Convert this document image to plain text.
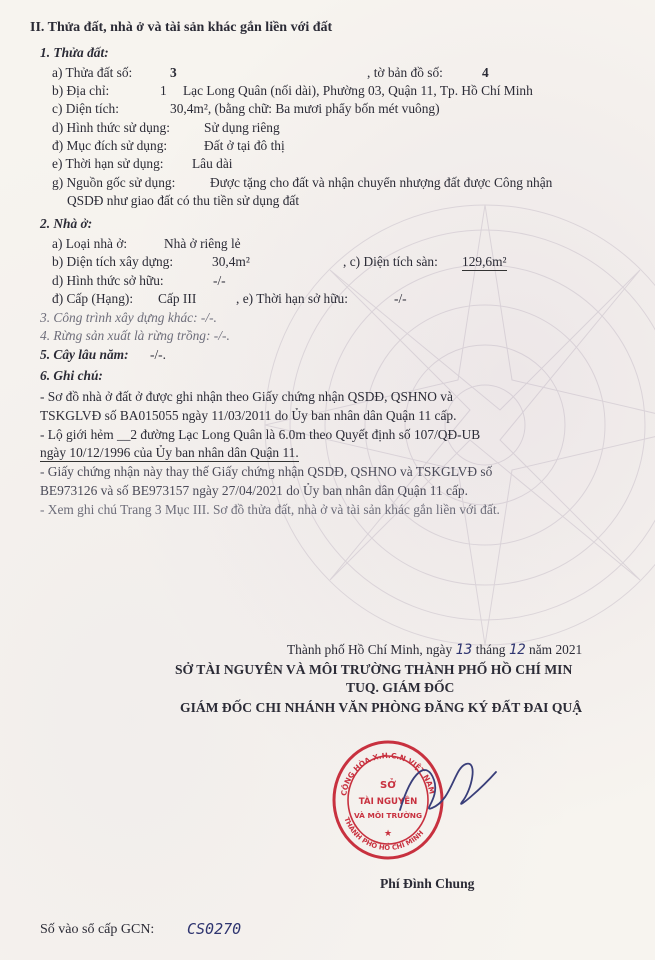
II. Thửa đất, nhà ở và tài sản khác gắn liền với đất
1. Thửa đất:
a) Thửa đất số:	3	, tờ bản đồ số:	4
b) Địa chỉ:	1 Lạc Long Quân (nối dài), Phường 03, Quận 11, Tp. Hồ Chí Minh
c) Diện tích:	30,4m², (bằng chữ: Ba mươi phẩy bốn mét vuông)
d) Hình thức sử dụng:	Sử dụng riêng
đ) Mục đích sử dụng:	Đất ở tại đô thị
e) Thời hạn sử dụng: Lâu dài
g) Nguồn gốc sử dụng:	Được tặng cho đất và nhận chuyển nhượng đất được Công nhận
QSDĐ như giao đất có thu tiền sử dụng đất
2. Nhà ở:
a) Loại nhà ở:	Nhà ở riêng lẻ
b) Diện tích xây dựng:	30,4m²	, c) Diện tích sàn: 129,6m²
d) Hình thức sở hữu:	-/-
đ) Cấp (Hạng): Cấp III	, e) Thời hạn sở hữu:	-/-
3. Công trình xây dựng khác: -/-.
4. Rừng sản xuất là rừng trồng: -/-.
5. Cây lâu năm: -/-.
6. Ghi chú:
- Sơ đồ nhà ở đất ở được ghi nhận theo Giấy chứng nhận QSDĐ, QSHNO và
TSKGLVĐ số BA015055 ngày 11/03/2011 do Ủy ban nhân dân Quận 11 cấp.
- Lộ giới hẻm __2 đường Lạc Long Quân là 6.0m theo Quyết định số 107/QĐ-UB
ngày 10/12/1996 của Ủy ban nhân dân Quận 11.
- Giấy chứng nhận này thay thế Giấy chứng nhận QSDĐ, QSHNO và TSKGLVĐ số
BE973126 và số BE973157 ngày 27/04/2021 do Ủy ban nhân dân Quận 11 cấp.
- Xem ghi chú Trang 3 Mục III. Sơ đồ thửa đất, nhà ở và tài sản khác gắn liền với đất.
Thành phố Hồ Chí Minh, ngày 13 tháng 12 năm 2021
SỞ TÀI NGUYÊN VÀ MÔI TRƯỜNG THÀNH PHỐ HỒ CHÍ MIN
TUQ. GIÁM ĐỐC
GIÁM ĐỐC CHI NHÁNH VĂN PHÒNG ĐĂNG KÝ ĐẤT ĐAI QUẬ
CỘNG HÒA X.H.C.N VIỆT NAM
THÀNH PHỐ HỒ CHÍ MINH
SỞ
TÀI NGUYÊN
VÀ MÔI TRƯỜNG
★
Phí Đình Chung
Số vào sổ cấp GCN: CS0270
